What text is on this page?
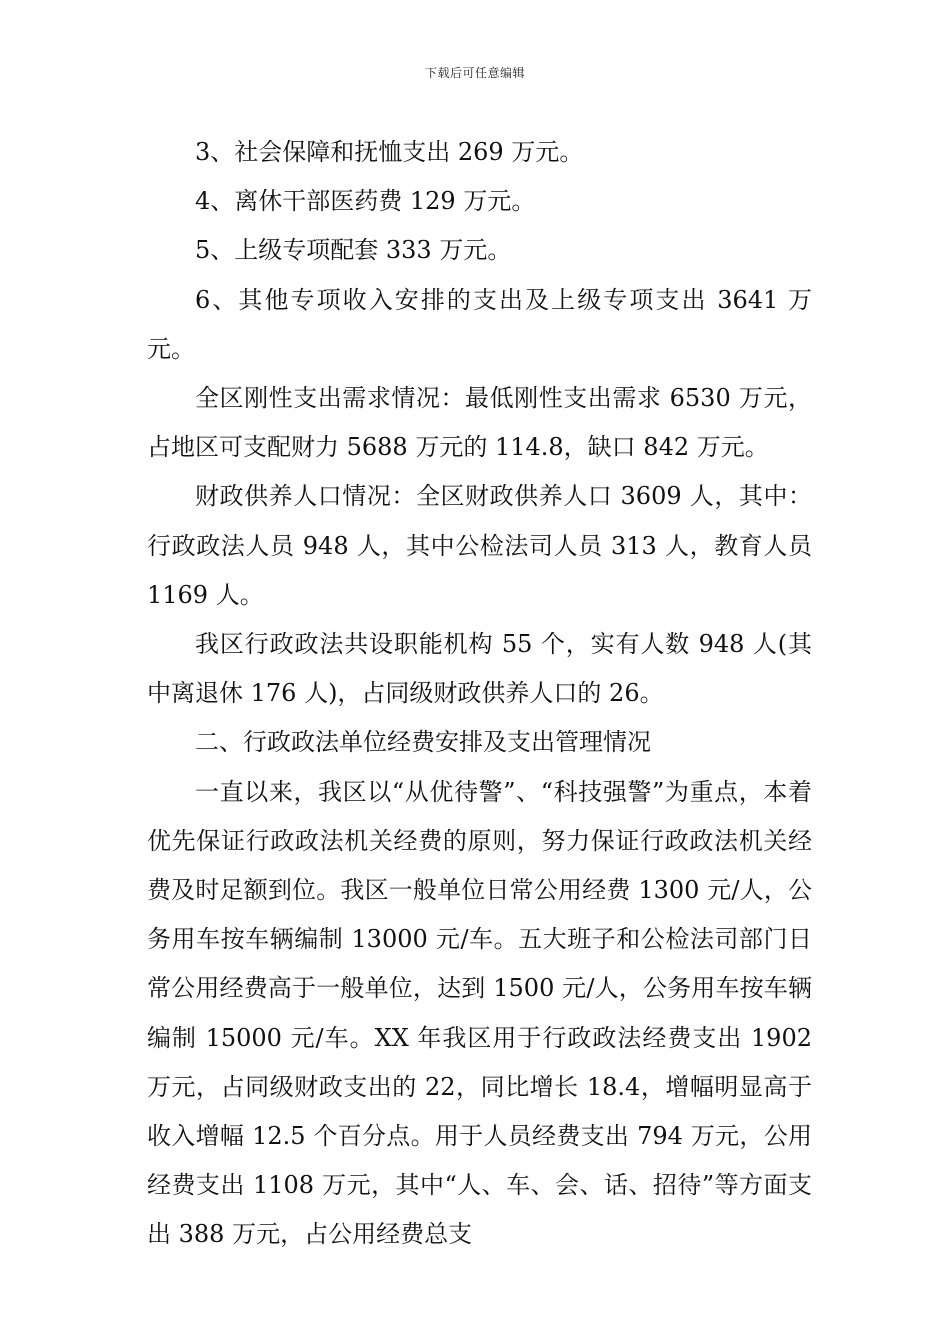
下载后可任意编辑

3、社会保障和抚恤支出 269 万元。

4、离休干部医药费 129 万元。

5、上级专项配套 333 万元。

6、其他专项收入安排的支出及上级专项支出 3641 万元。

全区刚性支出需求情况：最低刚性支出需求 6530 万元，占地区可支配财力 5688 万元的 114.8，缺口 842 万元。

财政供养人口情况：全区财政供养人口 3609 人，其中：行政政法人员 948 人，其中公检法司人员 313 人，教育人员 1169 人。

我区行政政法共设职能机构 55 个，实有人数 948 人(其中离退休 176 人)，占同级财政供养人口的 26。

二、行政政法单位经费安排及支出管理情况

一直以来，我区以“从优待警”、“科技强警”为重点，本着优先保证行政政法机关经费的原则，努力保证行政政法机关经费及时足额到位。我区一般单位日常公用经费 1300 元/人，公务用车按车辆编制 13000 元/车。五大班子和公检法司部门日常公用经费高于一般单位，达到 1500 元/人，公务用车按车辆编制 15000 元/车。XX 年我区用于行政政法经费支出 1902 万元，占同级财政支出的 22，同比增长 18.4，增幅明显高于收入增幅 12.5 个百分点。用于人员经费支出 794 万元，公用经费支出 1108 万元，其中“人、车、会、话、招待”等方面支出 388 万元，占公用经费总支
